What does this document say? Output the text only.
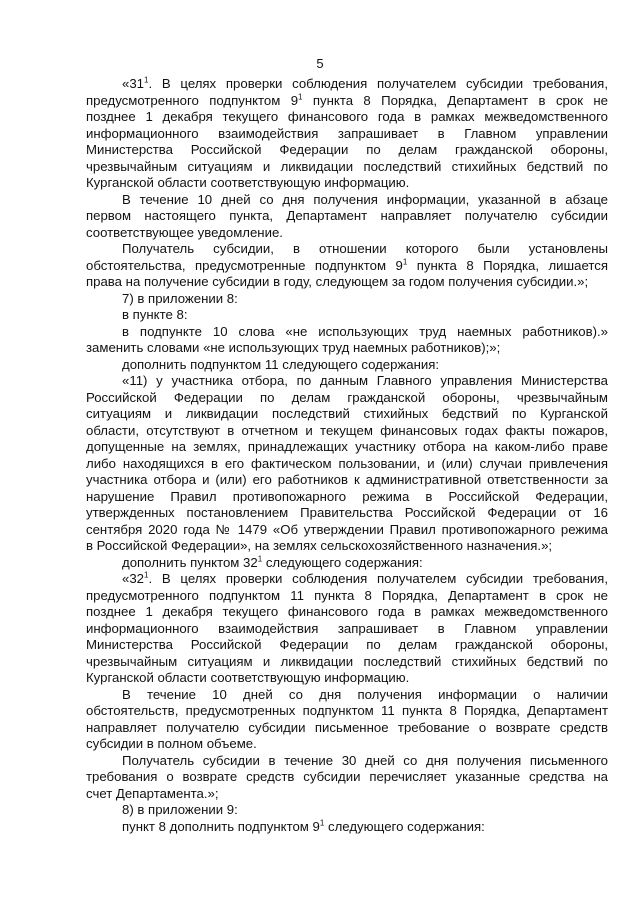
5
«$31^1$. В целях проверки соблюдения получателем субсидии требования,
предусмотренного подпунктом $9^1$ пункта 8 Порядка, Департамент в срок не
позднее 1 декабря текущего финансового года в рамках межведомственного
информационного взаимодействия запрашивает в Главном управлении
Министерства Российской Федерации по делам гражданской обороны,
чрезвычайным ситуациям и ликвидации последствий стихийных бедствий по
Курганской области соответствующую информацию.
В течение 10 дней со дня получения информации, указанной в абзаце
первом настоящего пункта, Департамент направляет получателю субсидии
соответствующее уведомление.
Получатель субсидии, в отношении которого были установлены
обстоятельства, предусмотренные подпунктом $9^1$ пункта 8 Порядка, лишается
права на получение субсидии в году, следующем за годом получения субсидии.»;
7) в приложении 8:
в пункте 8:
в подпункте 10 слова «не использующих труд наемных работников).»
заменить словами «не использующих труд наемных работников);»;
дополнить подпунктом 11 следующего содержания:
«11) у участника отбора, по данным Главного управления Министерства
Российской Федерации по делам гражданской обороны, чрезвычайным
ситуациям и ликвидации последствий стихийных бедствий по Курганской
области, отсутствуют в отчетном и текущем финансовых годах факты пожаров,
допущенные на землях, принадлежащих участнику отбора на каком-либо праве
либо находящихся в его фактическом пользовании, и (или) случаи привлечения
участника отбора и (или) его работников к административной ответственности за
нарушение Правил противопожарного режима в Российской Федерации,
утвержденных постановлением Правительства Российской Федерации от 16
сентября 2020 года № 1479 «Об утверждении Правил противопожарного режима
в Российской Федерации», на землях сельскохозяйственного назначения.»;
дополнить пунктом $32^1$ следующего содержания:
«$32^1$. В целях проверки соблюдения получателем субсидии требования,
предусмотренного подпунктом 11 пункта 8 Порядка, Департамент в срок не
позднее 1 декабря текущего финансового года в рамках межведомственного
информационного взаимодействия запрашивает в Главном управлении
Министерства Российской Федерации по делам гражданской обороны,
чрезвычайным ситуациям и ликвидации последствий стихийных бедствий по
Курганской области соответствующую информацию.
В течение 10 дней со дня получения информации о наличии
обстоятельств, предусмотренных подпунктом 11 пункта 8 Порядка, Департамент
направляет получателю субсидии письменное требование о возврате средств
субсидии в полном объеме.
Получатель субсидии в течение 30 дней со дня получения письменного
требования о возврате средств субсидии перечисляет указанные средства на
счет Департамента.»;
8) в приложении 9:
пункт 8 дополнить подпунктом $9^1$ следующего содержания:
